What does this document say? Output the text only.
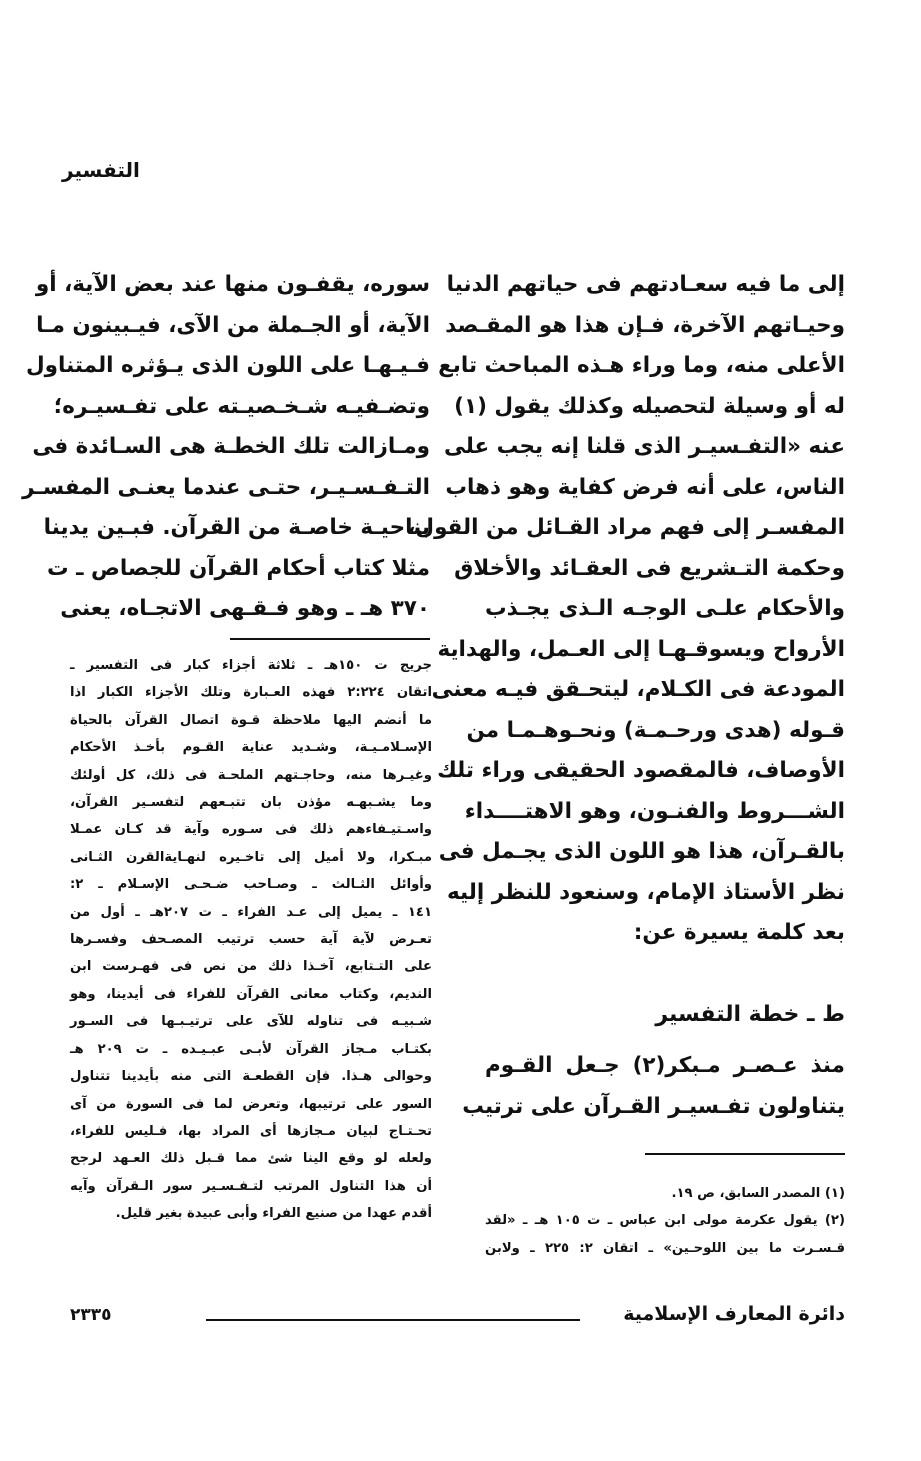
التفسير
إلى ما فيه سعـادتهم فى حياتهم الدنيا
وحيـاتهم الآخرة، فـإن هذا هو المقـصد
الأعلى منه، وما وراء هـذه المباحث تابع
له أو وسيلة لتحصيله وكذلك يقول (١)
عنه «التفـسيـر الذى قلنا إنه يجب على
الناس، على أنه فرض كفاية وهو ذهاب
المفسـر إلى فهم مراد القـائل من القول،
وحكمة التـشريع فى العقـائد والأخلاق
والأحكام علـى الوجـه الـذى يجـذب
الأرواح ويسوقـهـا إلى العـمل، والهداية
المودعة فى الكـلام، ليتحـقق فيـه معنى
قـوله (هدى ورحـمـة) ونحـوهـمـا من
الأوصاف، فالمقصود الحقيقى وراء تلك
الشـــروط والفنـون، وهو الاهتــــداء
بالقـرآن، هذا هو اللون الذى يجـمل فى
نظر الأستاذ الإمام، وسنعود للنظر إليه
بعد كلمة يسيرة عن:
سوره، يقفـون منها عند بعض الآية، أو
الآية، أو الجـملة من الآى، فيـبينون مـا
فـيـهـا على اللون الذى يـؤثره المتناول
وتضـفيـه شـخـصيـته على تفـسيـره؛
ومـازالت تلك الخطـة هى السـائدة فى
التـفـسـيـر، حتـى عندما يعنـى المفسـر
بناحيـة خاصـة من القرآن. فبـين يدينا
مثلا كتاب أحكام القرآن للجصاص ـ ت
٣٧٠ هـ ـ وهو فـقـهى الاتجـاه، يعنى
ط ـ خطة التفسير
منذ عـصـر مـبكر(٢) جـعل القـوم
يتناولون تفـسيـر القـرآن على ترتيب
جريج ت ١٥٠هـ ـ ثلاثة أجزاء كبار فى التفسير ـ
اتقان ٢:٢٢٤ فهذه العـبارة وتلك الأجزاء الكبار اذا
ما أنضم اليها ملاحظة قـوة اتصال القرآن بالحياة
الإسـلامـيـة، وشـديد عناية القـوم بأخـذ الأحكام
وغيـرها منه، وحاجـتهم الملحـة فى ذلك، كل أولئك
وما يشـبهـه مؤذن بان تتبـعهم لتفسـير القرآن،
واسـتيـفاءهم ذلك فى سـوره وآية قد كـان عمـلا
مبـكرا، ولا أميل إلى تاخـيره لنهـايةالقرن الثـانى
وأوائل الثـالث ـ وصـاحب ضـحـى الإسـلام ـ ٢:
١٤١ ـ يميل إلى عـد الفراء ـ ت ٢٠٧هـ ـ أول من
تعـرض لآية آية حسب ترتيب المصـحف وفسـرها
على التـتابع، آخـذا ذلك من نص فى فهـرست ابن
النديم، وكتاب معانى القرآن للفراء فى أيدينا، وهو
شـبيـه فى تناوله للآى على ترتيـبـها فى السـور
بكتـاب مـجاز القرآن لأبـى عبـيـده ـ ت ٢٠٩ هـ
وحوالى هـذا. فإن القطعـة التى منه بأيدينا تتناول
السور على ترتيبها، وتعرض لما فى السورة من آى
تحـتـاج لبيان مـجازها أى المراد بها، فـليس للفراء،
ولعله لو وقع الينا شئ مما قـبل ذلك العـهد لرجح
أن هذا التناول المرتب لتـفـسـير سور الـقرآن وآيه
أقدم عهدا من صنيع الفراء وأبى عبيدة بغير قليل.
(١) المصدر السابق، ص ١٩.
(٢) يقول عكرمة مولى ابن عباس ـ ت ١٠٥ هـ ـ «لقد
قـسـرت ما بين اللوحـين» ـ اتقان ٢: ٢٢٥ ـ ولابن
دائرة المعارف الإسلامية
٢٣٣٥
